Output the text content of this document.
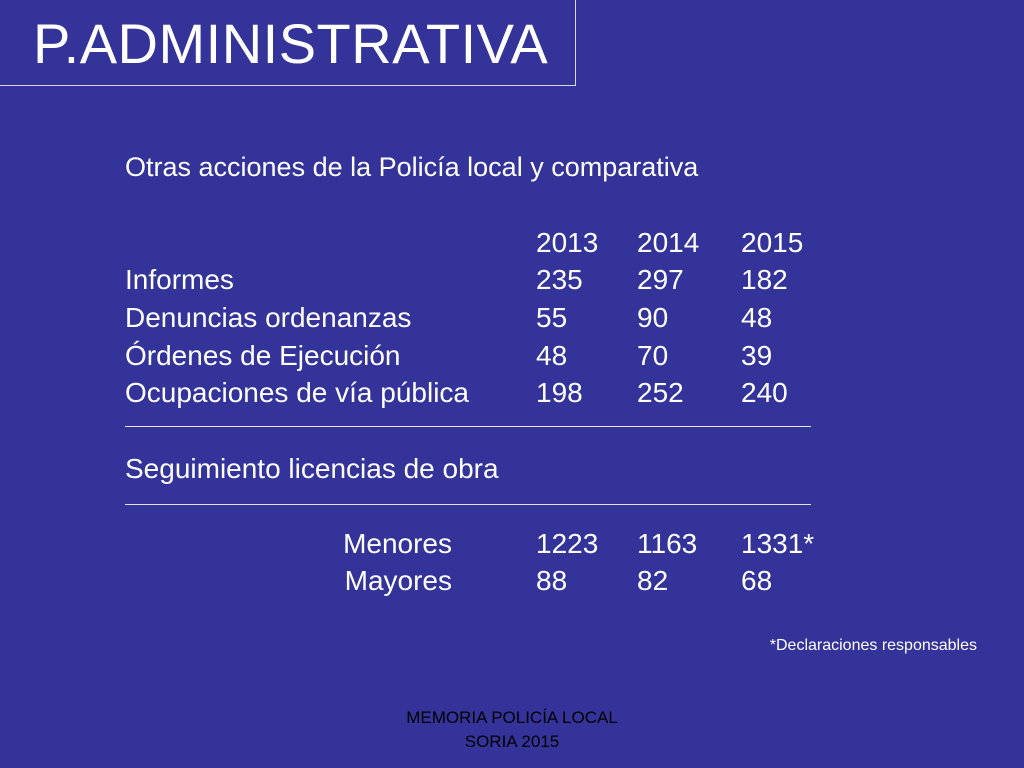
P.ADMINISTRATIVA
Otras acciones de la Policía local y comparativa
2013 2014 2015
Informes	235 297 182
Denuncias ordenanzas	55 90	48
Órdenes de Ejecución	48 70	39
Ocupaciones de vía pública 198 252 240
Seguimiento licencias de obra
Menores	1223 1163 1331*
Mayores	88 82	68
*Declaraciones responsables
MEMORIA POLICÍA LOCAL
SORIA 2015
